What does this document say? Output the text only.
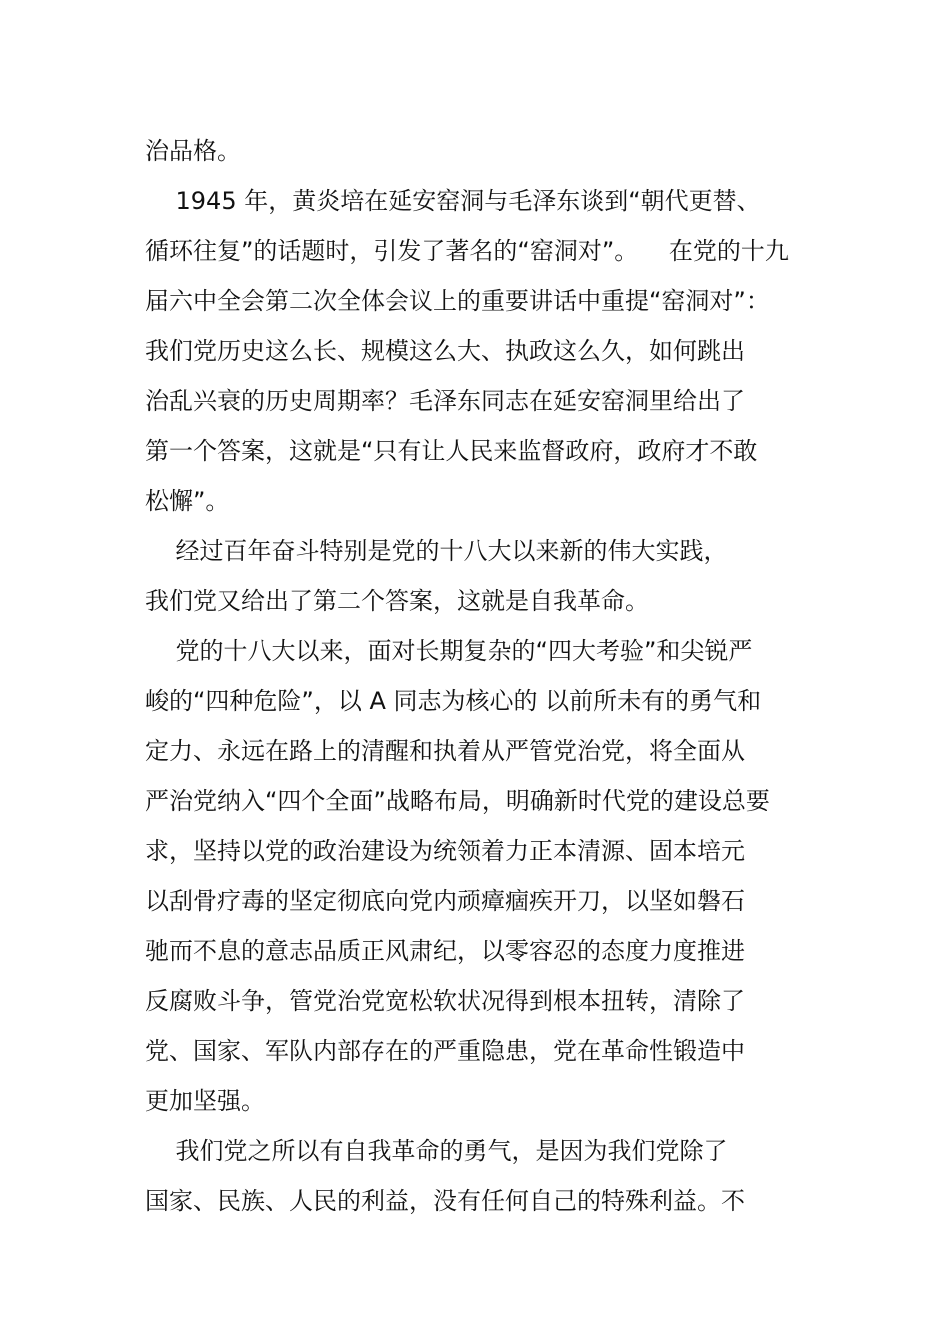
治品格。
1945 年，黄炎培在延安窑洞与毛泽东谈到“朝代更替、
循环往复”的话题时，引发了著名的“窑洞对”。    在党的十九
届六中全会第二次全体会议上的重要讲话中重提“窑洞对”：
我们党历史这么长、规模这么大、执政这么久，如何跳出
治乱兴衰的历史周期率？毛泽东同志在延安窑洞里给出了
第一个答案，这就是“只有让人民来监督政府，政府才不敢
松懈”。
经过百年奋斗特别是党的十八大以来新的伟大实践，
我们党又给出了第二个答案，这就是自我革命。
党的十八大以来，面对长期复杂的“四大考验”和尖锐严
峻的“四种危险”，以 A 同志为核心的 以前所未有的勇气和
定力、永远在路上的清醒和执着从严管党治党，将全面从
严治党纳入“四个全面”战略布局，明确新时代党的建设总要
求，坚持以党的政治建设为统领着力正本清源、固本培元
以刮骨疗毒的坚定彻底向党内顽瘴痼疾开刀，以坚如磐石
驰而不息的意志品质正风肃纪，以零容忍的态度力度推进
反腐败斗争，管党治党宽松软状况得到根本扭转，清除了
党、国家、军队内部存在的严重隐患，党在革命性锻造中
更加坚强。
我们党之所以有自我革命的勇气，是因为我们党除了
国家、民族、人民的利益，没有任何自己的特殊利益。不
